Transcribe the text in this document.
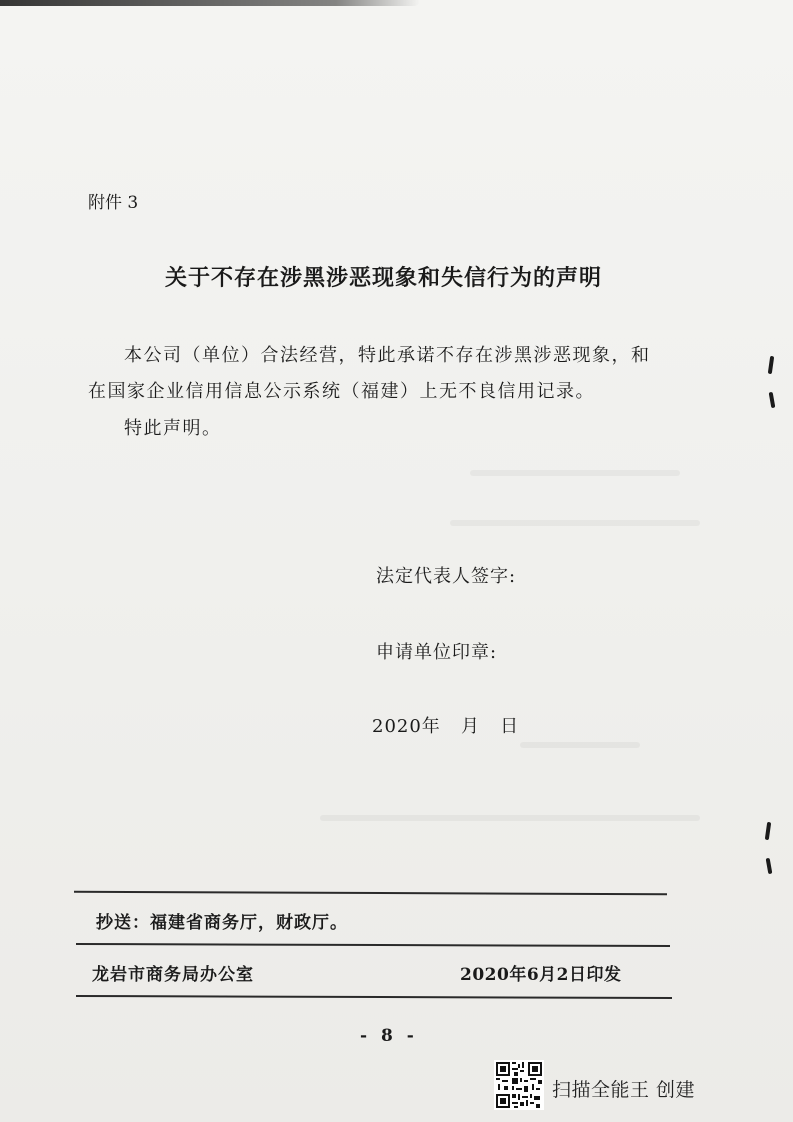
附件 3
关于不存在涉黑涉恶现象和失信行为的声明
本公司（单位）合法经营，特此承诺不存在涉黑涉恶现象，和
在国家企业信用信息公示系统（福建）上无不良信用记录。
特此声明。
法定代表人签字:
申请单位印章:
2020年   月   日
抄送：福建省商务厅，财政厅。
龙岩市商务局办公室	2020年6月2日印发
- 8 -
扫描全能王 创建
